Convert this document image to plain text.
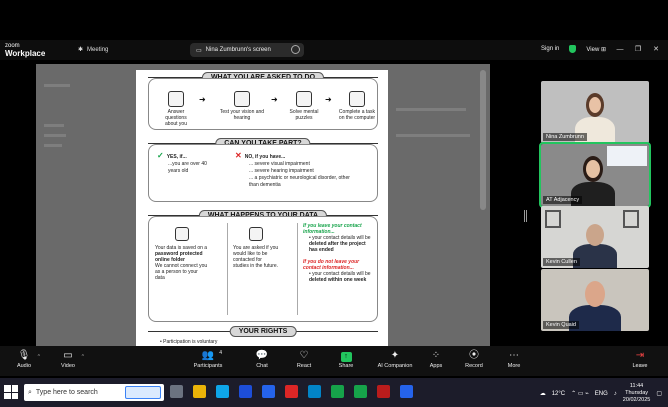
zoom
Workplace	✱ Meeting	▭ Nina Zumbrunn's screen	Sign in	View ⊞ — ❐ ✕
Answer questions about you
➜
Test your vision and hearing
➜
Solve mental puzzles
➜
Complete a task on the computer
✓ YES, if...
...you are over 40
years old
✕ NO, if you have...
... severe visual impairment
... severe hearing impairment
... a psychiatric or neurological disorder, other
than dementia
Your data is saved on a
password protected
online folder
We cannot connect you
as a person to your
data
You are asked if you
would like to be
contacted for
studies in the future.
If you leave your contact information...
• your contact details will be
deleted after the project
has ended
If you do not leave your contact information...
• your contact details will be
deleted within one week
YOUR RIGHTS
• Participation is voluntary
Nina Zumbrunn
AT Adjacency
Kevin Cullen
Kevin Quaid
🎙
Audio
^	▭
Video
^	👥	4
Participants
💬
Chat
♡
React
↑
Share
✦
AI Companion
⁘
Apps
⦿
Record
⋯
More
⇥
Leave
⌕ Type here to search	☁ 12°C ⌃ ▭ ⌁ ENG ♪
11:44
Thursday
20/02/2025
▢
